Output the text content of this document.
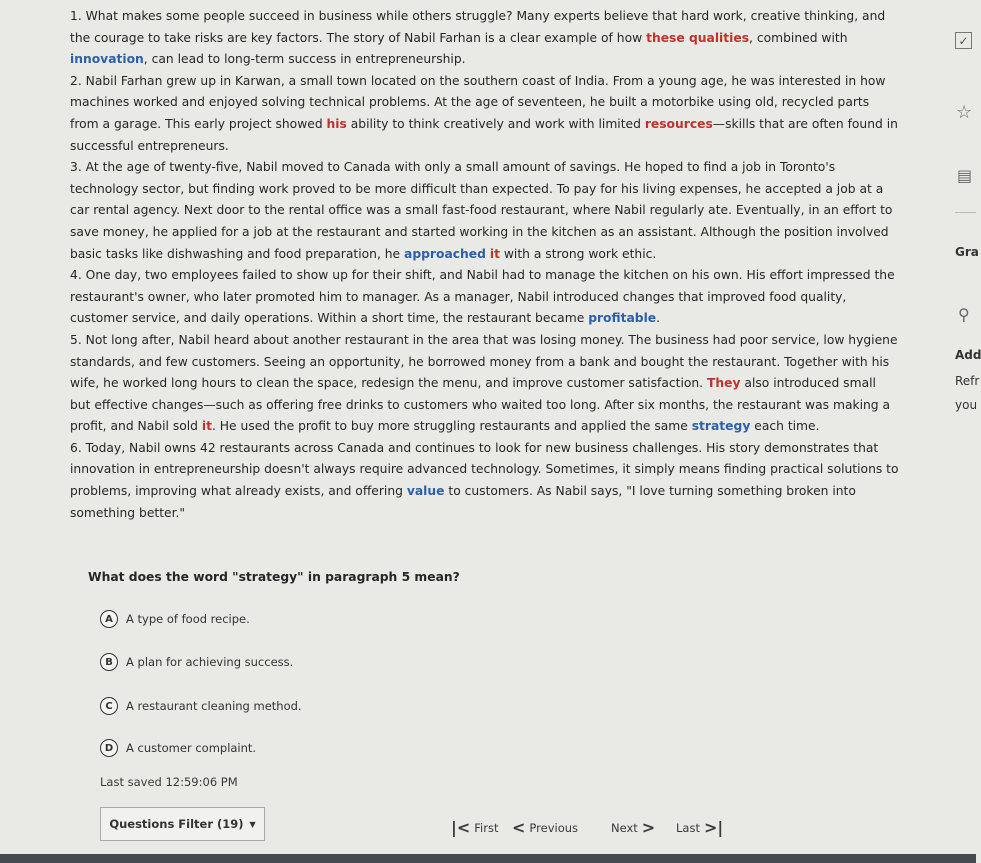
1. What makes some people succeed in business while others struggle? Many experts believe that hard work, creative thinking, and the courage to take risks are key factors. The story of Nabil Farhan is a clear example of how these qualities, combined with innovation, can lead to long-term success in entrepreneurship.

2. Nabil Farhan grew up in Karwan, a small town located on the southern coast of India. From a young age, he was interested in how machines worked and enjoyed solving technical problems. At the age of seventeen, he built a motorbike using old, recycled parts from a garage. This early project showed his ability to think creatively and work with limited resources—skills that are often found in successful entrepreneurs.

3. At the age of twenty-five, Nabil moved to Canada with only a small amount of savings. He hoped to find a job in Toronto's technology sector, but finding work proved to be more difficult than expected. To pay for his living expenses, he accepted a job at a car rental agency. Next door to the rental office was a small fast-food restaurant, where Nabil regularly ate. Eventually, in an effort to save money, he applied for a job at the restaurant and started working in the kitchen as an assistant. Although the position involved basic tasks like dishwashing and food preparation, he approached it with a strong work ethic.

4. One day, two employees failed to show up for their shift, and Nabil had to manage the kitchen on his own. His effort impressed the restaurant's owner, who later promoted him to manager. As a manager, Nabil introduced changes that improved food quality, customer service, and daily operations. Within a short time, the restaurant became profitable.

5. Not long after, Nabil heard about another restaurant in the area that was losing money. The business had poor service, low hygiene standards, and few customers. Seeing an opportunity, he borrowed money from a bank and bought the restaurant. Together with his wife, he worked long hours to clean the space, redesign the menu, and improve customer satisfaction. They also introduced small but effective changes—such as offering free drinks to customers who waited too long. After six months, the restaurant was making a profit, and Nabil sold it. He used the profit to buy more struggling restaurants and applied the same strategy each time.

6. Today, Nabil owns 42 restaurants across Canada and continues to look for new business challenges. His story demonstrates that innovation in entrepreneurship doesn't always require advanced technology. Sometimes, it simply means finding practical solutions to problems, improving what already exists, and offering value to customers. As Nabil says, "I love turning something broken into something better."

What does the word "strategy" in paragraph 5 mean?
A	A type of food recipe.
B	A plan for achieving success.
C	A restaurant cleaning method.
D	A customer complaint.
Last saved 12:59:06 PM
Questions Filter (19) ▼	|< First < Previous	Next > Last >|
✓
☆
▤
Gra
⚲
Add
Refr
you
